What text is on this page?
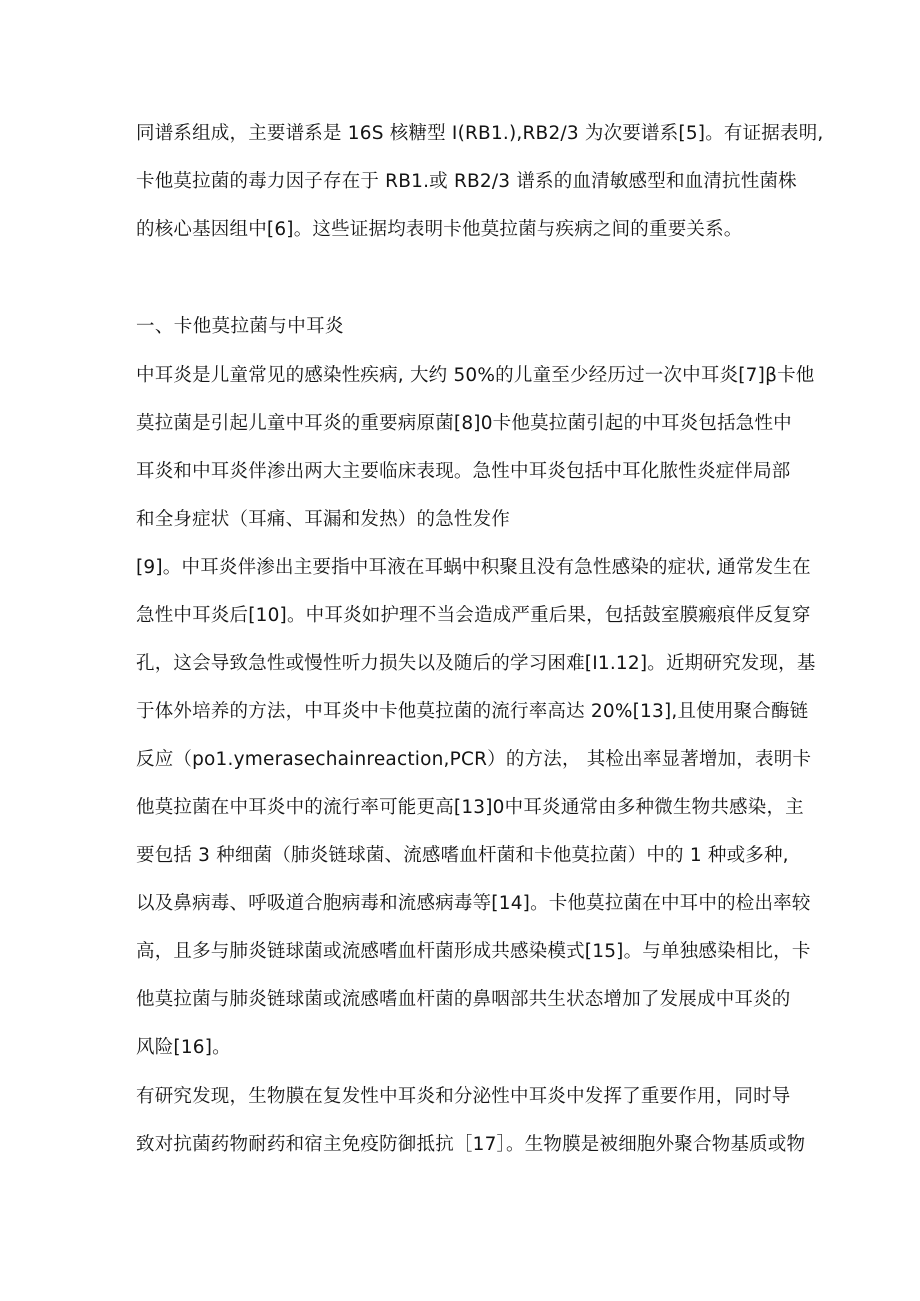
同谱系组成，主要谱系是 16S 核糖型 I(RB1.),RB2/3 为次要谱系[5]。有证据表明,
卡他莫拉菌的毒力因子存在于 RB1.或 RB2/3 谱系的血清敏感型和血清抗性菌株
的核心基因组中[6]。这些证据均表明卡他莫拉菌与疾病之间的重要关系。
一、卡他莫拉菌与中耳炎
中耳炎是儿童常见的感染性疾病, 大约 50%的儿童至少经历过一次中耳炎[7]β卡他
莫拉菌是引起儿童中耳炎的重要病原菌[8]0卡他莫拉菌引起的中耳炎包括急性中
耳炎和中耳炎伴渗出两大主要临床表现。急性中耳炎包括中耳化脓性炎症伴局部
和全身症状（耳痛、耳漏和发热）的急性发作
[9]。中耳炎伴渗出主要指中耳液在耳蜗中积聚且没有急性感染的症状, 通常发生在
急性中耳炎后[10]。中耳炎如护理不当会造成严重后果，包括鼓室膜瘢痕伴反复穿
孔，这会导致急性或慢性听力损失以及随后的学习困难[I1.12]。近期研究发现，基
于体外培养的方法，中耳炎中卡他莫拉菌的流行率高达 20%[13],且使用聚合酶链
反应（po1.ymerasechainreaction,PCR）的方法， 其检出率显著增加，表明卡
他莫拉菌在中耳炎中的流行率可能更高[13]0中耳炎通常由多种微生物共感染，主
要包括 3 种细菌（肺炎链球菌、流感嗜血杆菌和卡他莫拉菌）中的 1 种或多种,
以及鼻病毒、呼吸道合胞病毒和流感病毒等[14]。卡他莫拉菌在中耳中的检出率较
高，且多与肺炎链球菌或流感嗜血杆菌形成共感染模式[15]。与单独感染相比，卡
他莫拉菌与肺炎链球菌或流感嗜血杆菌的鼻咽部共生状态增加了发展成中耳炎的
风险[16]。
有研究发现，生物膜在复发性中耳炎和分泌性中耳炎中发挥了重要作用，同时导
致对抗菌药物耐药和宿主免疫防御抵抗［17］。生物膜是被细胞外聚合物基质或物
